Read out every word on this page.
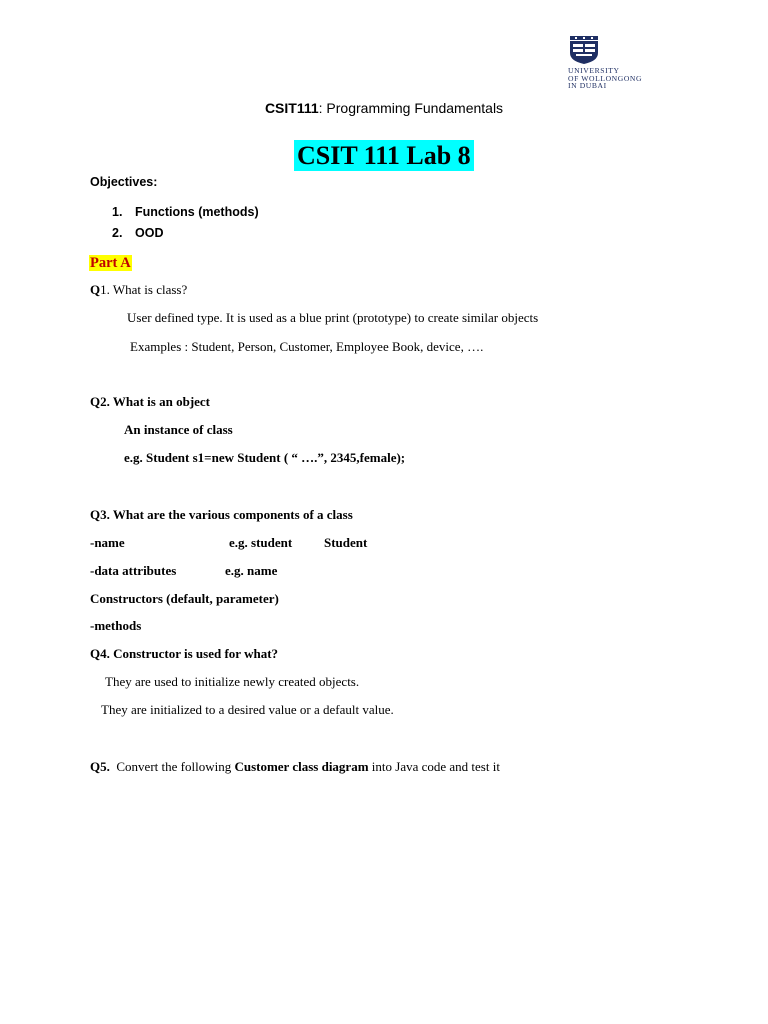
UNIVERSITY
OF WOLLONGONG
IN DUBAI
CSIT111: Programming Fundamentals
CSIT 111 Lab 8
Objectives:
1. Functions (methods)
2. OOD
Part A
Q1. What is class?
User defined type. It is used as a blue print (prototype) to create similar objects
Examples : Student, Person, Customer, Employee Book, device, ….
Q2. What is an object
An instance of class
e.g. Student s1=new Student ( “ ….”, 2345,female);
Q3. What are the various components of a class
-name	e.g. student Student
-data attributes	e.g. name
Constructors (default, parameter)
-methods
Q4. Constructor is used for what?
They are used to initialize newly created objects.
They are initialized to a desired value or a default value.
Q5. Convert the following Customer class diagram into Java code and test it
